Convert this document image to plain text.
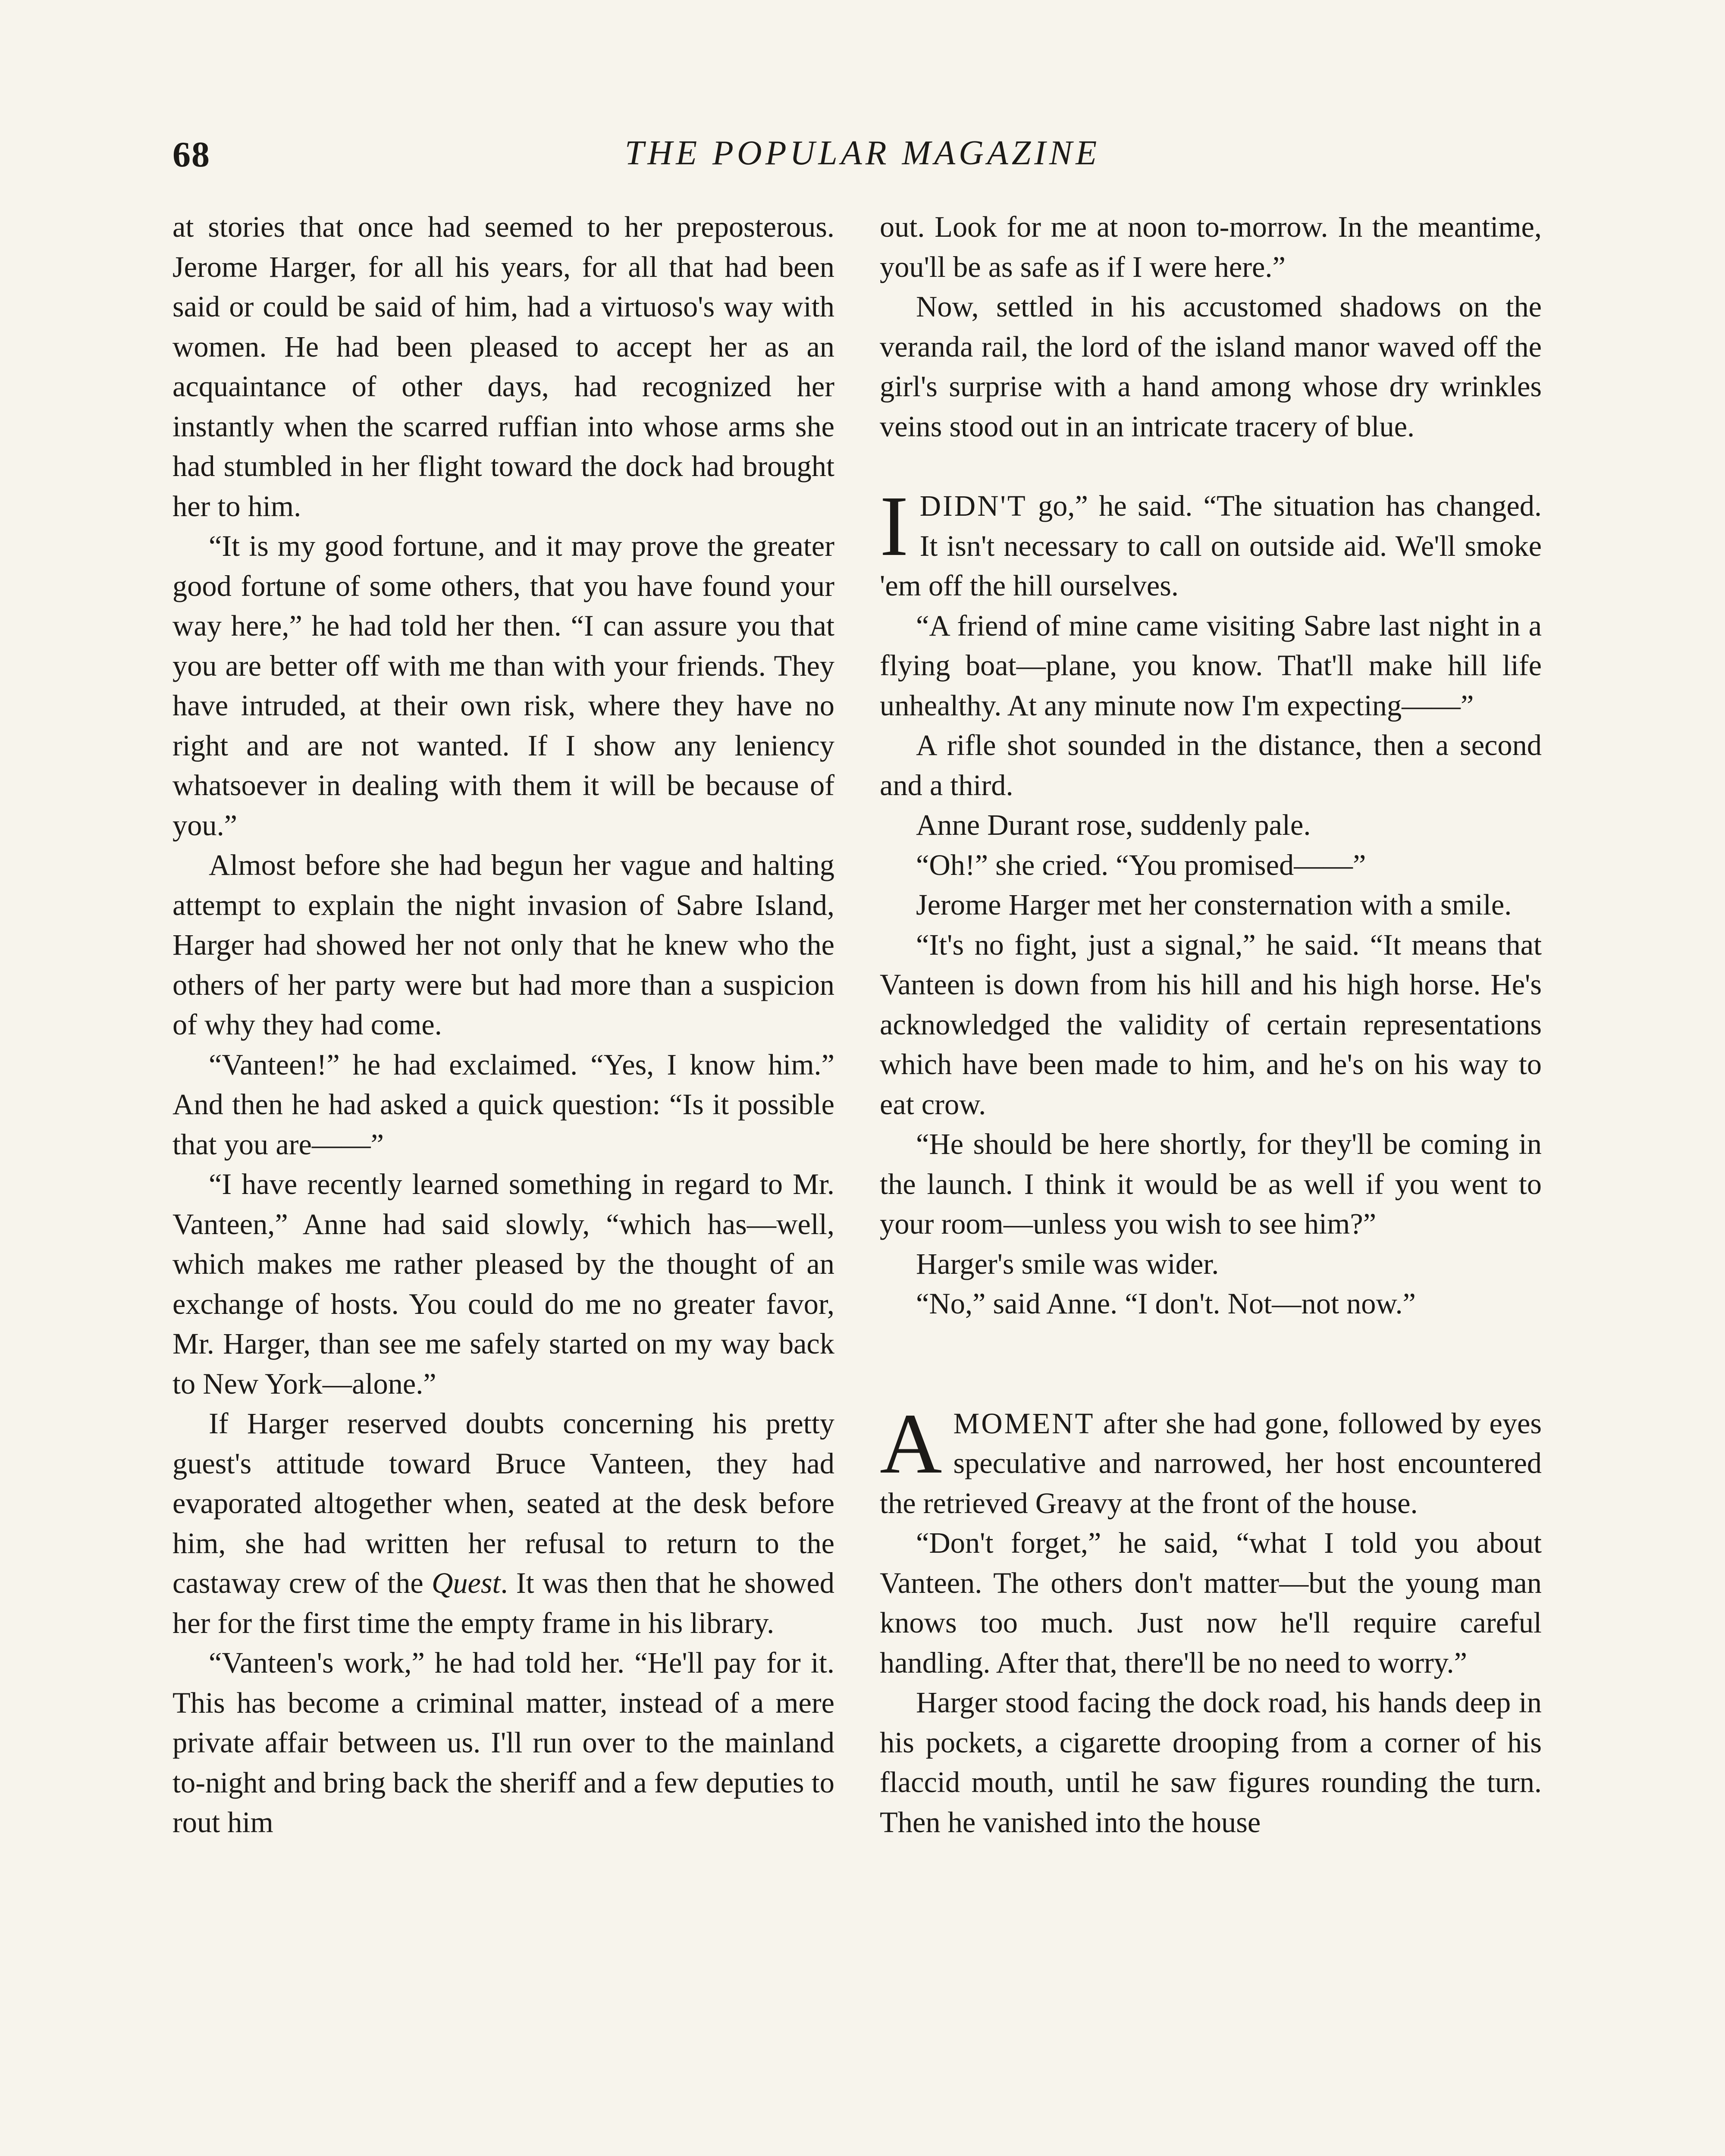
68	THE POPULAR MAGAZINE

at stories that once had seemed to her preposterous. Jerome Harger, for all his years, for all that had been said or could be said of him, had a virtuoso's way with women. He had been pleased to accept her as an acquaintance of other days, had recognized her instantly when the scarred ruffian into whose arms she had stumbled in her flight toward the dock had brought her to him.

“It is my good fortune, and it may prove the greater good fortune of some others, that you have found your way here,” he had told her then. “I can assure you that you are better off with me than with your friends. They have intruded, at their own risk, where they have no right and are not wanted. If I show any leniency whatsoever in dealing with them it will be because of you.”

Almost before she had begun her vague and halting attempt to explain the night invasion of Sabre Island, Harger had showed her not only that he knew who the others of her party were but had more than a suspicion of why they had come.

“Vanteen!” he had exclaimed. “Yes, I know him.” And then he had asked a quick question: “Is it possible that you are——”

“I have recently learned something in regard to Mr. Vanteen,” Anne had said slowly, “which has—well, which makes me rather pleased by the thought of an exchange of hosts. You could do me no greater favor, Mr. Harger, than see me safely started on my way back to New York—alone.”

If Harger reserved doubts concerning his pretty guest's attitude toward Bruce Vanteen, they had evaporated altogether when, seated at the desk before him, she had written her refusal to return to the castaway crew of the Quest. It was then that he showed her for the first time the empty frame in his library.

“Vanteen's work,” he had told her. “He'll pay for it. This has become a criminal matter, instead of a mere private affair between us. I'll run over to the mainland to-night and bring back the sheriff and a few deputies to rout him

out. Look for me at noon to-morrow. In the meantime, you'll be as safe as if I were here.”

Now, settled in his accustomed shadows on the veranda rail, the lord of the island manor waved off the girl's surprise with a hand among whose dry wrinkles veins stood out in an intricate tracery of blue.

IDIDN'T go,” he said. “The situation has changed. It isn't necessary to call on outside aid. We'll smoke 'em off the hill ourselves.

“A friend of mine came visiting Sabre last night in a flying boat—plane, you know. That'll make hill life unhealthy. At any minute now I'm expecting——”

A rifle shot sounded in the distance, then a second and a third.

Anne Durant rose, suddenly pale.

“Oh!” she cried. “You promised——”

Jerome Harger met her consternation with a smile.

“It's no fight, just a signal,” he said. “It means that Vanteen is down from his hill and his high horse. He's acknowledged the validity of certain representations which have been made to him, and he's on his way to eat crow.

“He should be here shortly, for they'll be coming in the launch. I think it would be as well if you went to your room—unless you wish to see him?”

Harger's smile was wider.

“No,” said Anne. “I don't. Not—not now.”

AMOMENT after she had gone, followed by eyes speculative and narrowed, her host encountered the retrieved Greavy at the front of the house.

“Don't forget,” he said, “what I told you about Vanteen. The others don't matter—but the young man knows too much. Just now he'll require careful handling. After that, there'll be no need to worry.”

Harger stood facing the dock road, his hands deep in his pockets, a cigarette drooping from a corner of his flaccid mouth, until he saw figures rounding the turn. Then he vanished into the house
